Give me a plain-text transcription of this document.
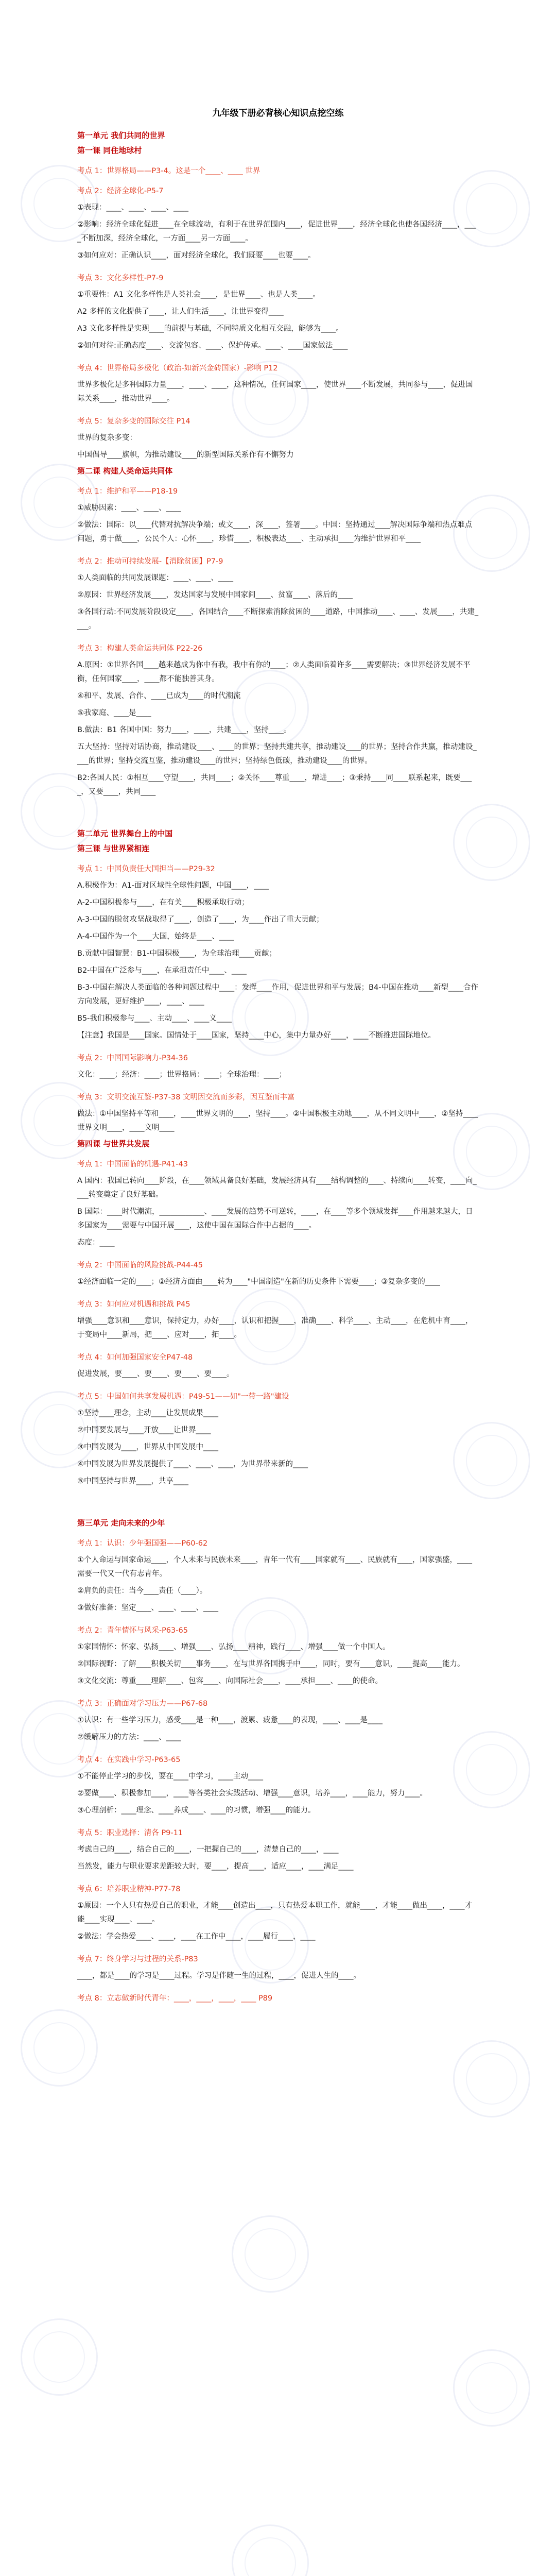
九年级下册必背核心知识点挖空练
第一单元 我们共同的世界
第一课 同住地球村
考点 1：世界格局——P3-4。这是一个____、____ 世界
考点 2：经济全球化-P5-7
①表现：____、____、____、____
②影响：经济全球化促进____在全球流动，有利于在世界范围内____，促进世界____，经济全球化也使各国经济____，____不断加深，经济全球化，一方面____另一方面____。
③如何应对：正确认识____，面对经济全球化，我们既要____也要____。
考点 3：文化多样性-P7-9
①重要性：A1 文化多样性是人类社会____，是世界____、也是人类____。
A2 多样的文化提供了____，让人们生活____，让世界变得____
A3 文化多样性是实现____的前提与基础，不同特质文化相互交融，能够为____。
②如何对待:正确态度____、交流包容、____、保护传承。____、____国家做法____
考点 4：世界格局多极化（政治-如新兴金砖国家）-影响 P12
世界多极化是多种国际力量____，____、____，这种情况，任何国家____，使世界____不断发展，共同参与____，促进国际关系____，推动世界____。
考点 5：复杂多变的国际交往 P14
世界的复杂多变：
中国倡导____旗帜，为推动建设____的新型国际关系作有不懈努力
第二课 构建人类命运共同体
考点 1：维护和平——P18-19
①威胁因素：____、____、____
②做法：国际：以____代替对抗解决争端；或文____，深____，签署____。中国：坚持通过____解决国际争端和热点难点问题，勇于做____，公民个人：心怀____，珍惜____，积极表达____、主动承担____为维护世界和平____
考点 2：推动可持续发展-【消除贫困】P7-9
①人类面临的共同发展课题：____、____、____
②原因：世界经济发展____，发达国家与发展中国家间____、贫富____、落后的____
③各国行动:不同发展阶段设定____，各国结合____不断探索消除贫困的____道路，中国推动____、____、发展____，共建____。
考点 3：构建人类命运共同体 P22-26
A.原因：①世界各国____越来越成为你中有我，我中有你的____；②人类面临着许多____需要解决；③世界经济发展不平衡，任何国家____，____都不能独善其身。
④和平、发展、合作、____已成为____的时代潮流
⑤我家庭、____是____
B.做法：B1 各国中国：努力____，____，共建____，坚持____。
五大坚持：坚持对话协商，推动建设____、____的世界；坚持共建共享，推动建设____的世界；坚持合作共赢，推动建设____的世界；坚持交流互鉴，推动建设____的世界；坚持绿色低碳，推动建设____的世界。
B2:各国人民：①相互____守望____，共同____；②关怀____尊重____，增进____；③秉持____同____联系起来，既要____，又要____，共同____
第二单元 世界舞台上的中国
第三课 与世界紧相连
考点 1：中国负责任大国担当——P29-32
A.积极作为：A1-面对区域性全球性问题，中国____，____
A-2-中国积极参与____，在有关____积极承取行动；
A-3-中国的脱贫攻坚战取得了____，创造了____，为____作出了重大贡献；
A-4-中国作为一个____大国，始终是____、____
B.贡献中国智慧：B1-中国积极____，为全球治理____贡献；
B2-中国在广泛参与____，在承担责任中____、____
B-3-中国在解决人类面临的各种问题过程中____：发挥____作用，促进世界和平与发展；B4-中国在推动____新型____合作方向发展，更好维护____，____、____
B5-我们积极参与____、主动____、____义____
【注意】我国是____国家。国情处于____国家，坚持____中心，集中力量办好____，____不断推进国际地位。
考点 2：中国国际影响力-P34-36
文化：____；经济：____；世界格局：____；全球治理：____；
考点 3：文明交流互鉴-P37-38 文明因交流而多彩，因互鉴而丰富
做法：①中国坚持平等和____，____世界文明的____，坚持____。②中国积极主动地____，从不同文明中____，②坚持____世界文明____，____文明____
第四课 与世界共发展
考点 1：中国面临的机遇-P41-43
A 国内：我国已转向____阶段，在____领域具备良好基础，发展经济具有____结构调整的____、持续向____转变，____向____转变奠定了良好基础。
B 国际：____时代潮流，____________、____发展的趋势不可逆转，____，在____等多个领域发挥____作用越来越大，日多国家为____需要与中国开展____，这使中国在国际合作中占据的____。
态度：____
考点 2：中国面临的风险挑战-P44-45
①经济面临一定的____；②经济方面由____转为____"中国制造"在新的历史条件下需要____；③复杂多变的____
考点 3：如何应对机遇和挑战 P45
增强____意识和____意识，保持定力，办好____，认识和把握____，准确____、科学____、主动____，在危机中育____，于变局中____新局，把____、应对____，拓____。
考点 4：如何加强国家安全P47-48
促进发展，要____、要____、要____、要____。
考点 5：中国如何共享发展机遇：P49-51——如"一带一路"建设
①坚持____理念，主动____让发展成果____
②中国要发展与____开放____让世界____
③中国发展为____，世界从中国发展中____
④中国发展为世界发展提供了____、____、____，为世界带来新的____
⑤中国坚持与世界____，共享____
第三单元 走向未来的少年
考点 1：认识：少年强国强——P60-62
①个人命运与国家命运____，个人未来与民族未来____，青年一代有____国家就有____、民族就有____，国家强盛，____需要一代又一代有志青年。
②肩负的责任：当今____责任（____）。
③做好准备：坚定____、____、____、____
考点 2：青年情怀与风采-P63-65
①家国情怀：怀家、弘扬____、增强____、弘扬____精神，践行____、增强____做一个中国人。
②国际视野：了解____积极关切____事务____，在与世界各国携手中____，同时，要有____意识，____提高____能力。
③文化交流：尊重____理解____、包容____、向国际社会____，____承担____、____的使命。
考点 3：正确面对学习压力——P67-68
①认识：有一些学习压力，感受____是一种____，渡累、疲惫____的表现，____、____是____
②缓解压力的方法：____、____
考点 4：在实践中学习-P63-65
①不能停止学习的步伐，要在____中学习，____主动____
②要做____、积极参加____，____等各类社会实践活动、增强____意识，培养____，____能力，努力____。
③心理剖析：____理念、____养成____、____的习惯，增强____的能力。
考点 5：职业选择：清各 P9-11
考虑自己的____，结合自己的____，一把握自己的____，清楚自己的____，____
当然发，能力与职业要求差距较大时，要____，提高____，适应____，____满足____
考点 6：培养职业精神-P77-78
①原因：一个人只有热爱自己的职业，才能____创造出____，只有热爱本职工作，就能____，才能____做出____，____才能____实现____、____。
②做法：学会热爱____、____，____在工作中____，____履行____，____
考点 7：终身学习与过程的关系-P83
____，都是____的学习是____过程。学习是伴随一生的过程，____，促进人生的____。
考点 8：立志做新时代青年：____，____，____，____ P89
